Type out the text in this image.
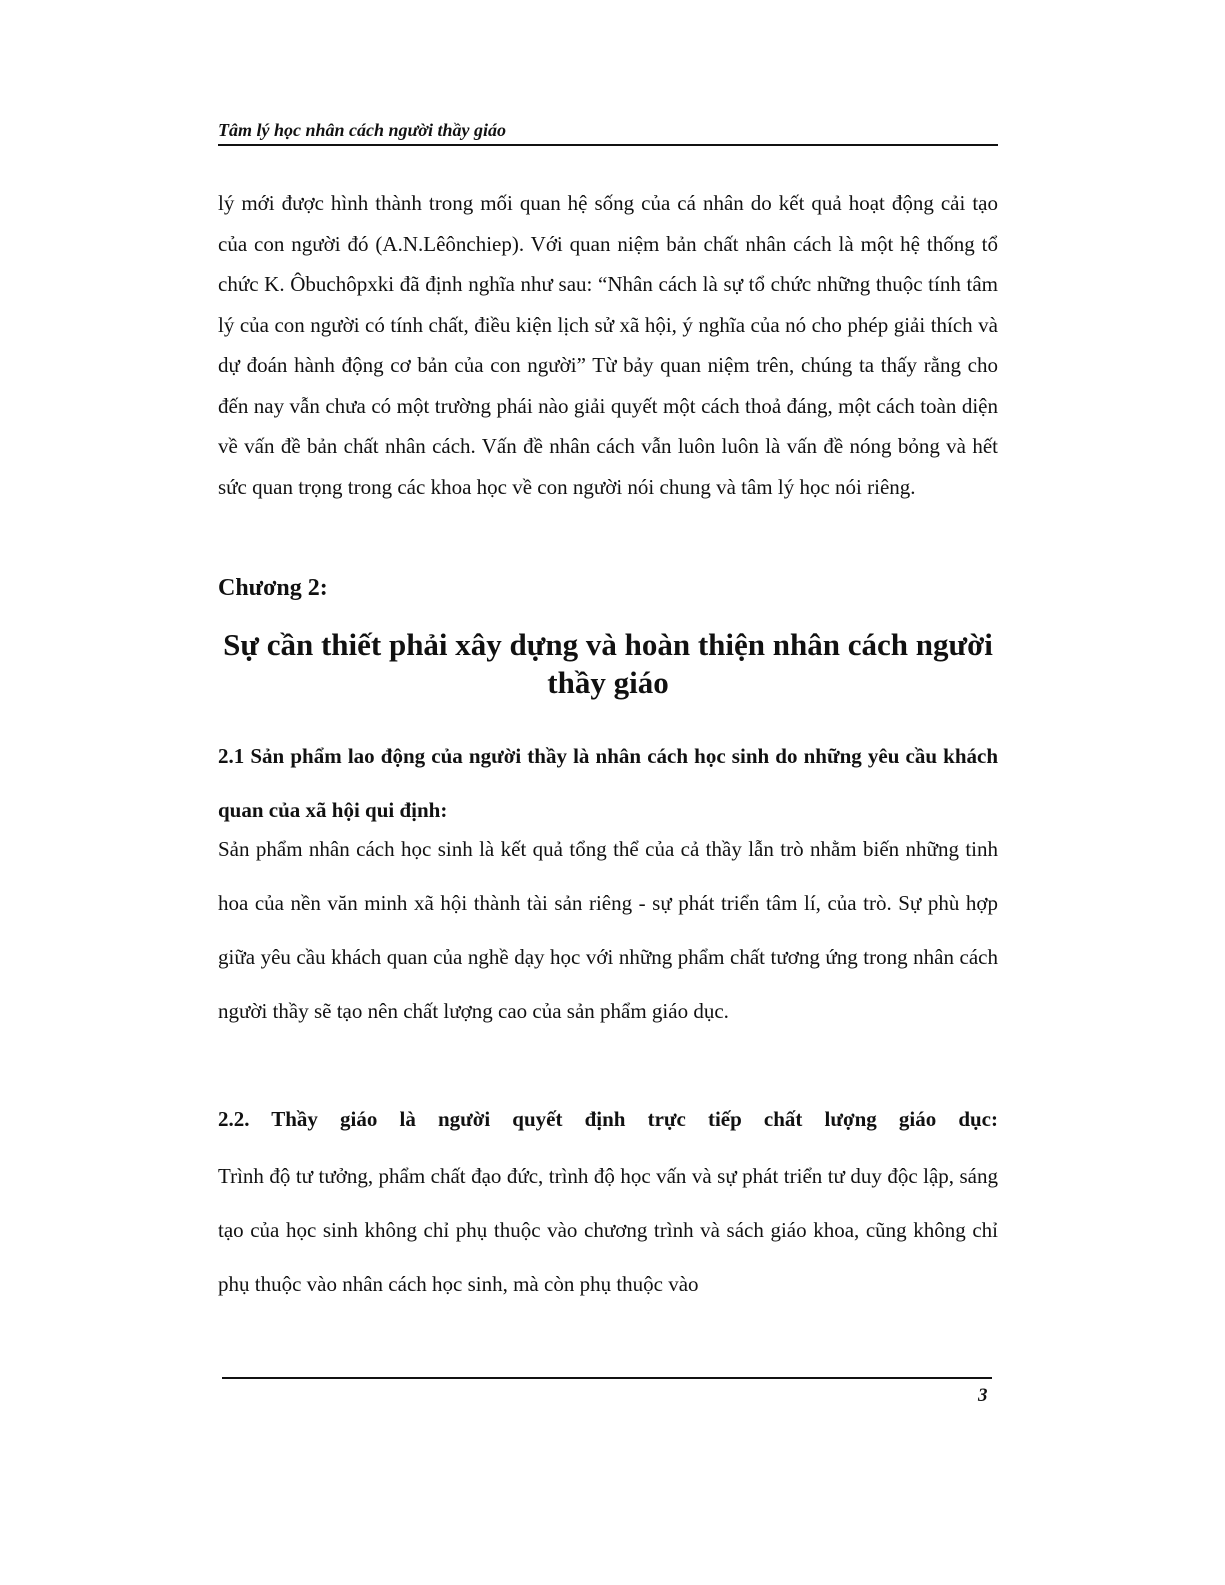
Tâm lý học nhân cách người thầy giáo

lý mới được hình thành trong mối quan hệ sống của cá nhân do kết quả hoạt động cải tạo của con người đó (A.N.Lêônchiep). Với quan niệm bản chất nhân cách là một hệ thống tổ chức K. Ôbuchôpxki đã định nghĩa như sau: “Nhân cách là sự tổ chức những thuộc tính tâm lý của con người có tính chất, điều kiện lịch sử xã hội, ý nghĩa của nó cho phép giải thích và dự đoán hành động cơ bản của con người” Từ bảy quan niệm trên, chúng ta thấy rằng cho đến nay vẫn chưa có một trường phái nào giải quyết một cách thoả đáng, một cách toàn diện về vấn đề bản chất nhân cách. Vấn đề nhân cách vẫn luôn luôn là vấn đề nóng bỏng và hết sức quan trọng trong các khoa học về con người nói chung và tâm lý học nói riêng.

Chương 2:
Sự cần thiết phải xây dựng và hoàn thiện nhân cách người thầy giáo
2.1 Sản phẩm lao động của người thầy là nhân cách học sinh do những yêu cầu khách quan của xã hội qui định:

Sản phẩm nhân cách học sinh là kết quả tổng thể của cả thầy lẫn trò nhằm biến những tinh hoa của nền văn minh xã hội thành tài sản riêng - sự phát triển tâm lí, của trò. Sự phù hợp giữa yêu cầu khách quan của nghề dạy học với những phẩm chất tương ứng trong nhân cách người thầy sẽ tạo nên chất lượng cao của sản phẩm giáo dục.

2.2. Thầy giáo là người quyết định trực tiếp chất lượng giáo dục:

Trình độ tư tưởng, phẩm chất đạo đức, trình độ học vấn và sự phát triển tư duy độc lập, sáng tạo của học sinh không chỉ phụ thuộc vào chương trình và sách giáo khoa, cũng không chỉ phụ thuộc vào nhân cách học sinh, mà còn phụ thuộc vào

3
